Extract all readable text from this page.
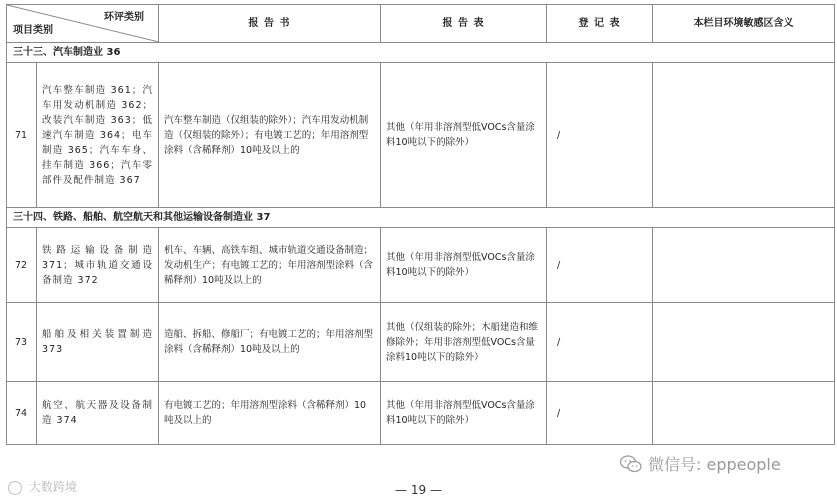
环评类别
项目类别		报 告 书	报 告 表	登 记 表	本栏目环境敏感区含义
三十三、汽车制造业 36					
71	汽车整车制造 361；汽车用发动机制造 362；改装汽车制造 363；低速汽车制造 364；电车制造 365；汽车车身、挂车制造 366；汽车零部件及配件制造 367	汽车整车制造（仅组装的除外）；汽车用发动机制造（仅组装的除外）；有电镀工艺的；年用溶剂型涂料（含稀释剂）10吨及以上的	其他（年用非溶剂型低VOCs含量涂料10吨以下的除外）	/	
三十四、铁路、船舶、航空航天和其他运输设备制造业 37					
72	铁路运输设备制造 371；城市轨道交通设备制造 372	机车、车辆、高铁车组、城市轨道交通设备制造；发动机生产；有电镀工艺的；年用溶剂型涂料（含稀释剂）10吨及以上的	其他（年用非溶剂型低VOCs含量涂料10吨以下的除外）	/	
73	船舶及相关装置制造 373	造船、拆船、修船厂；有电镀工艺的；年用溶剂型涂料（含稀释剂）10吨及以上的	其他（仅组装的除外；木船建造和维修除外；年用非溶剂型低VOCs含量涂料10吨以下的除外）	/	
74	航空、航天器及设备制造 374	有电镀工艺的；年用溶剂型涂料（含稀释剂）10吨及以上的	其他（年用非溶剂型低VOCs含量涂料10吨以下的除外）	/	
微信号: eppeople
大数跨境	— 19 —
